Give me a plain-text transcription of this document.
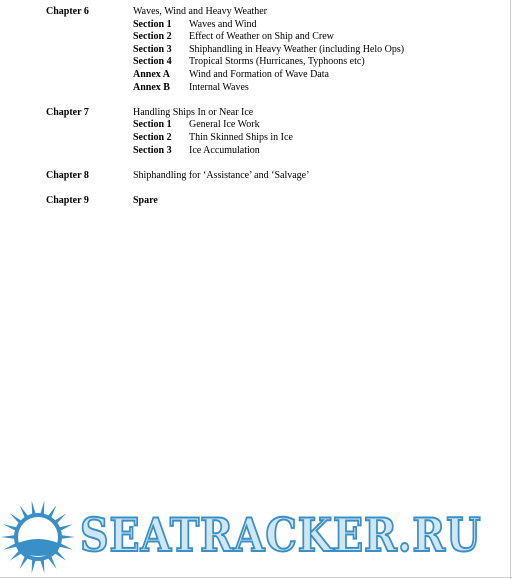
Chapter 6	Waves, Wind and Heavy Weather
Section 1	Waves and Wind
Section 2	Effect of Weather on Ship and Crew
Section 3	Shiphandling in Heavy Weather (including Helo Ops)
Section 4	Tropical Storms (Hurricanes, Typhoons etc)
Annex A	Wind and Formation of Wave Data
Annex B	Internal Waves
Chapter 7	Handling Ships In or Near Ice
Section 1	General Ice Work
Section 2	Thin Skinned Ships in Ice
Section 3	Ice Accumulation
Chapter 8	Shiphandling for ‘Assistance’ and ‘Salvage’
Chapter 9	Spare
SEATRACKER.RU
